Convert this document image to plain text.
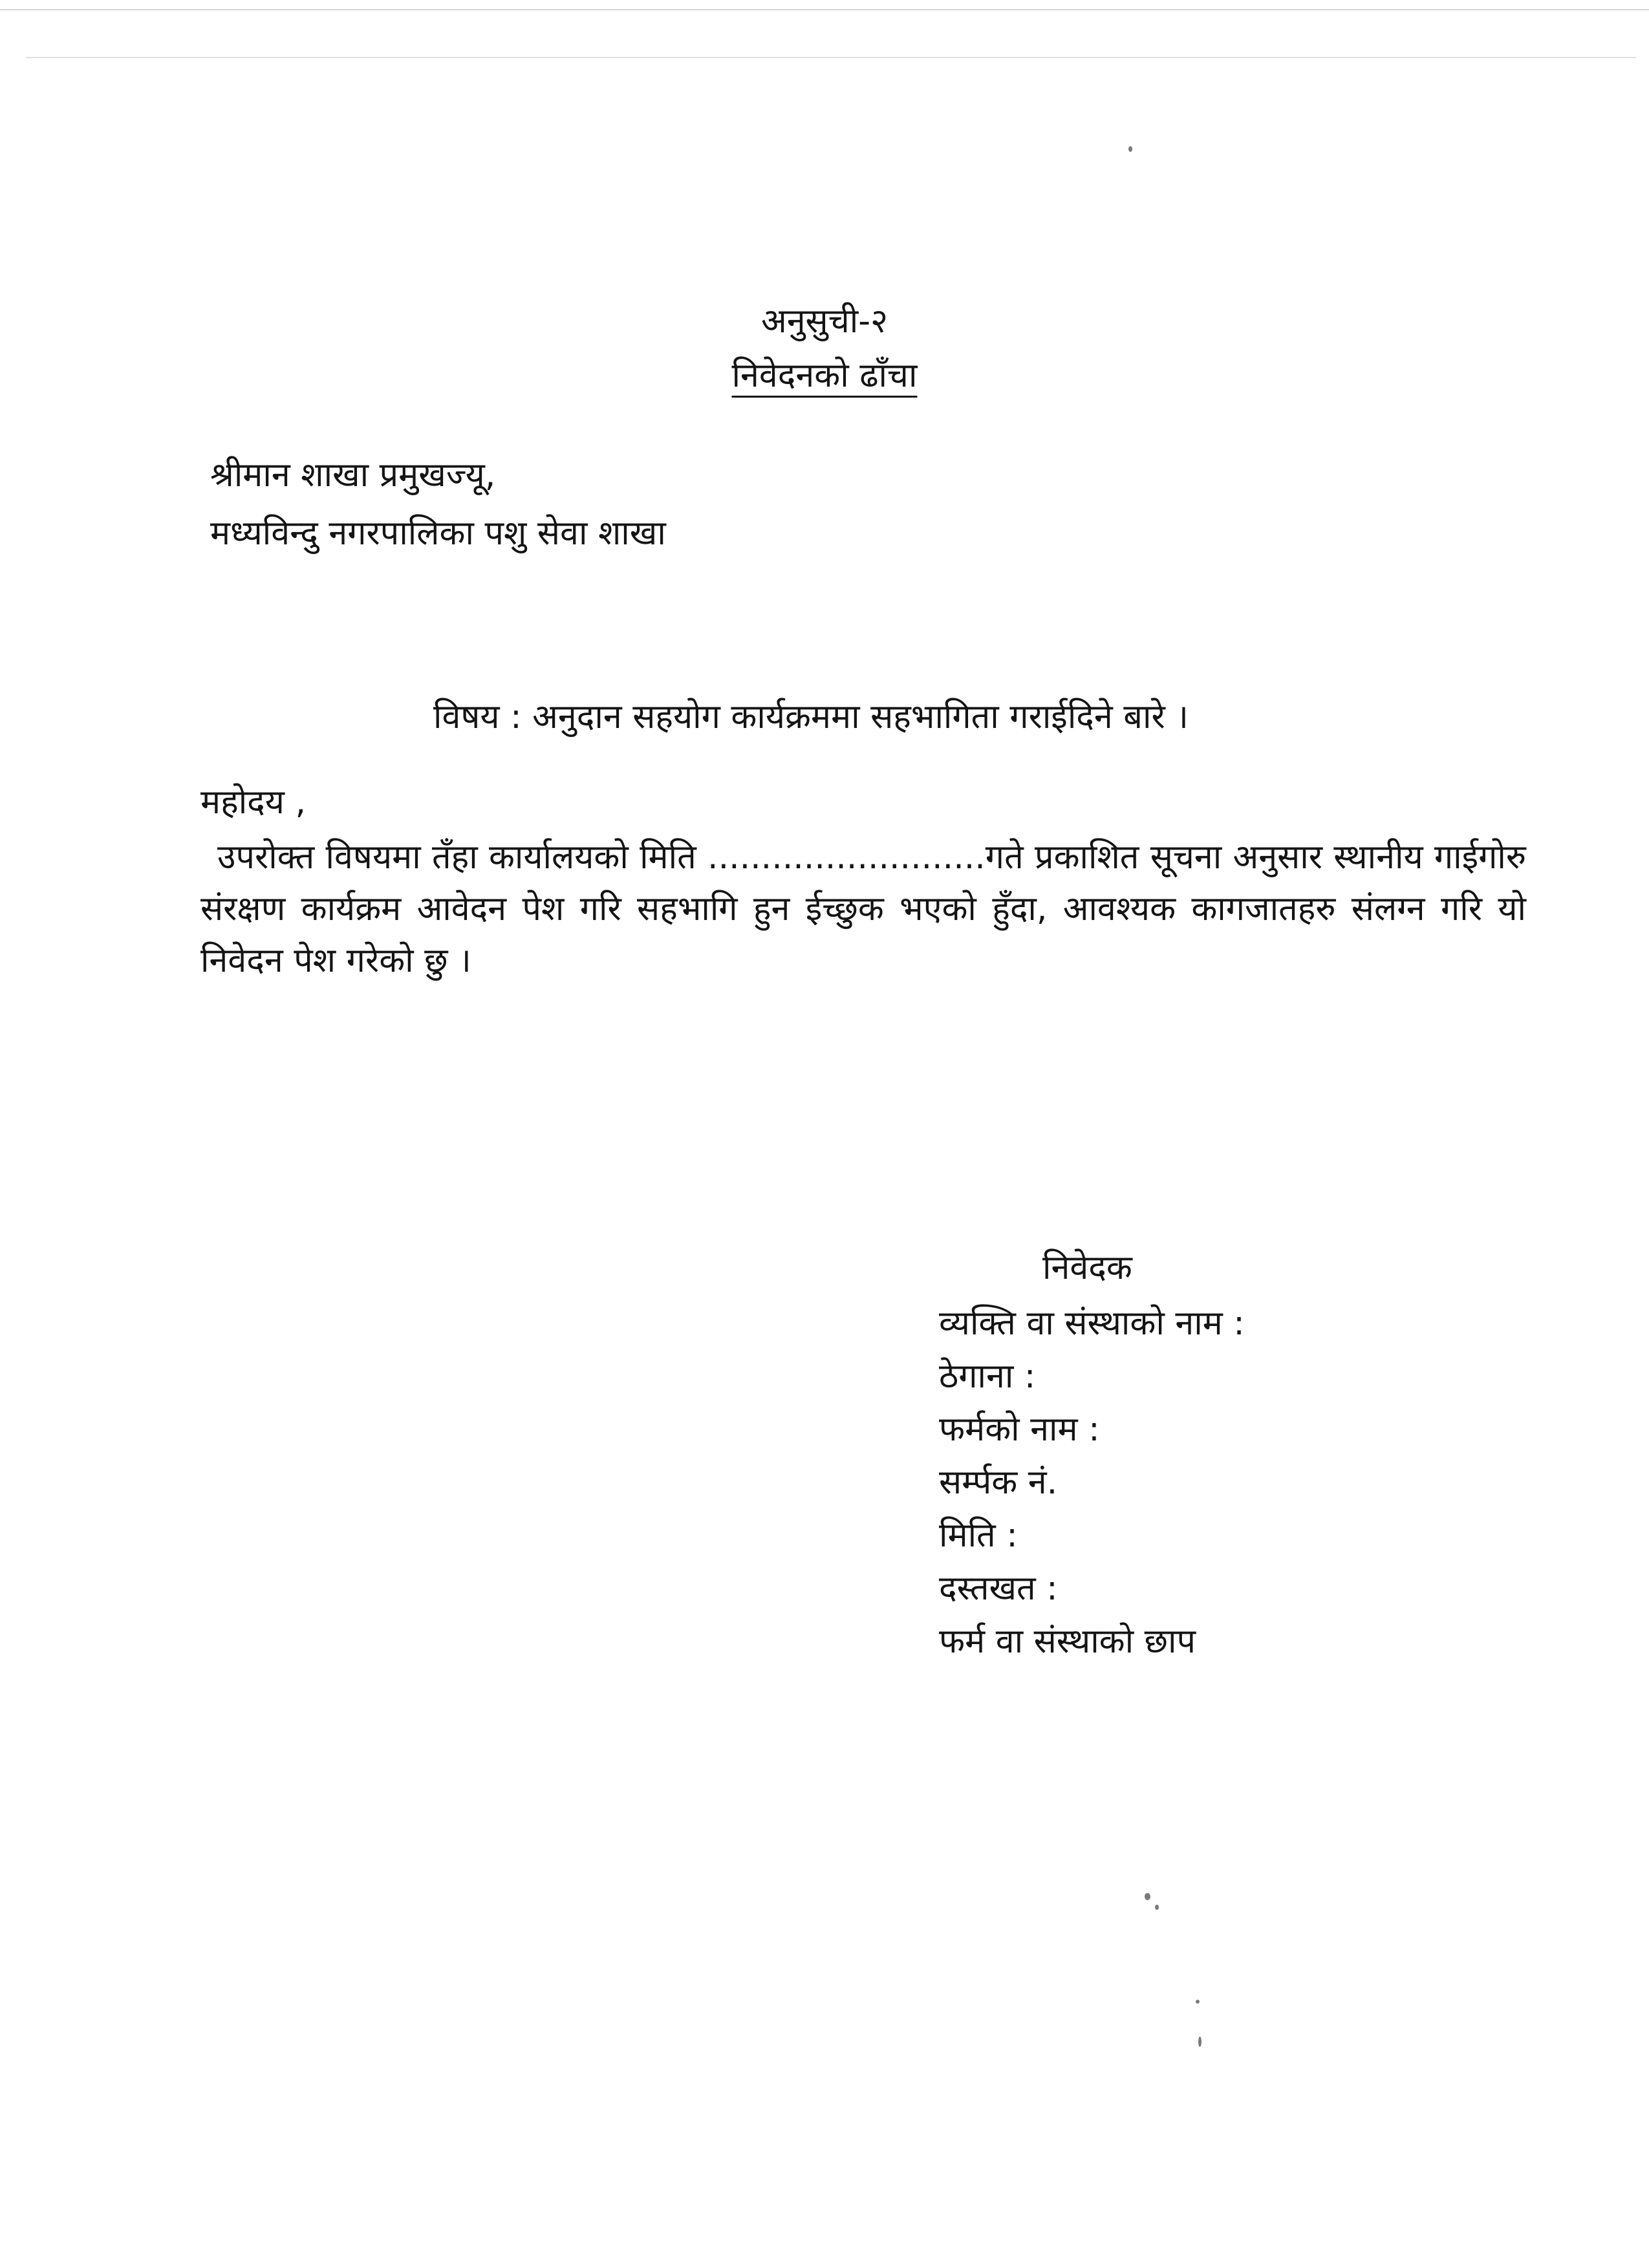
अनुसुची-२

निवेदनको ढाँचा

श्रीमान शाखा प्रमुखज्यू,

मध्यविन्दु नगरपालिका पशु सेवा शाखा

विषय : अनुदान सहयोग कार्यक्रममा सहभागिता गराईदिने बारे ।

महोदय ,

उपरोक्त विषयमा तँहा कार्यालयको मिति ..........................गते प्रकाशित सूचना अनुसार स्थानीय गाईगोरु संरक्षण कार्यक्रम आवेदन पेश गरि सहभागि हुन ईच्छुक भएको हुँदा, आवश्यक कागजातहरु संलग्न गरि यो निवेदन पेश गरेको छु ।

निवेदक
व्यक्ति वा संस्थाको नाम :
ठेगाना :
फर्मको नाम :
सर्म्पक नं.
मिति :
दस्तखत :
फर्म वा संस्थाको छाप
